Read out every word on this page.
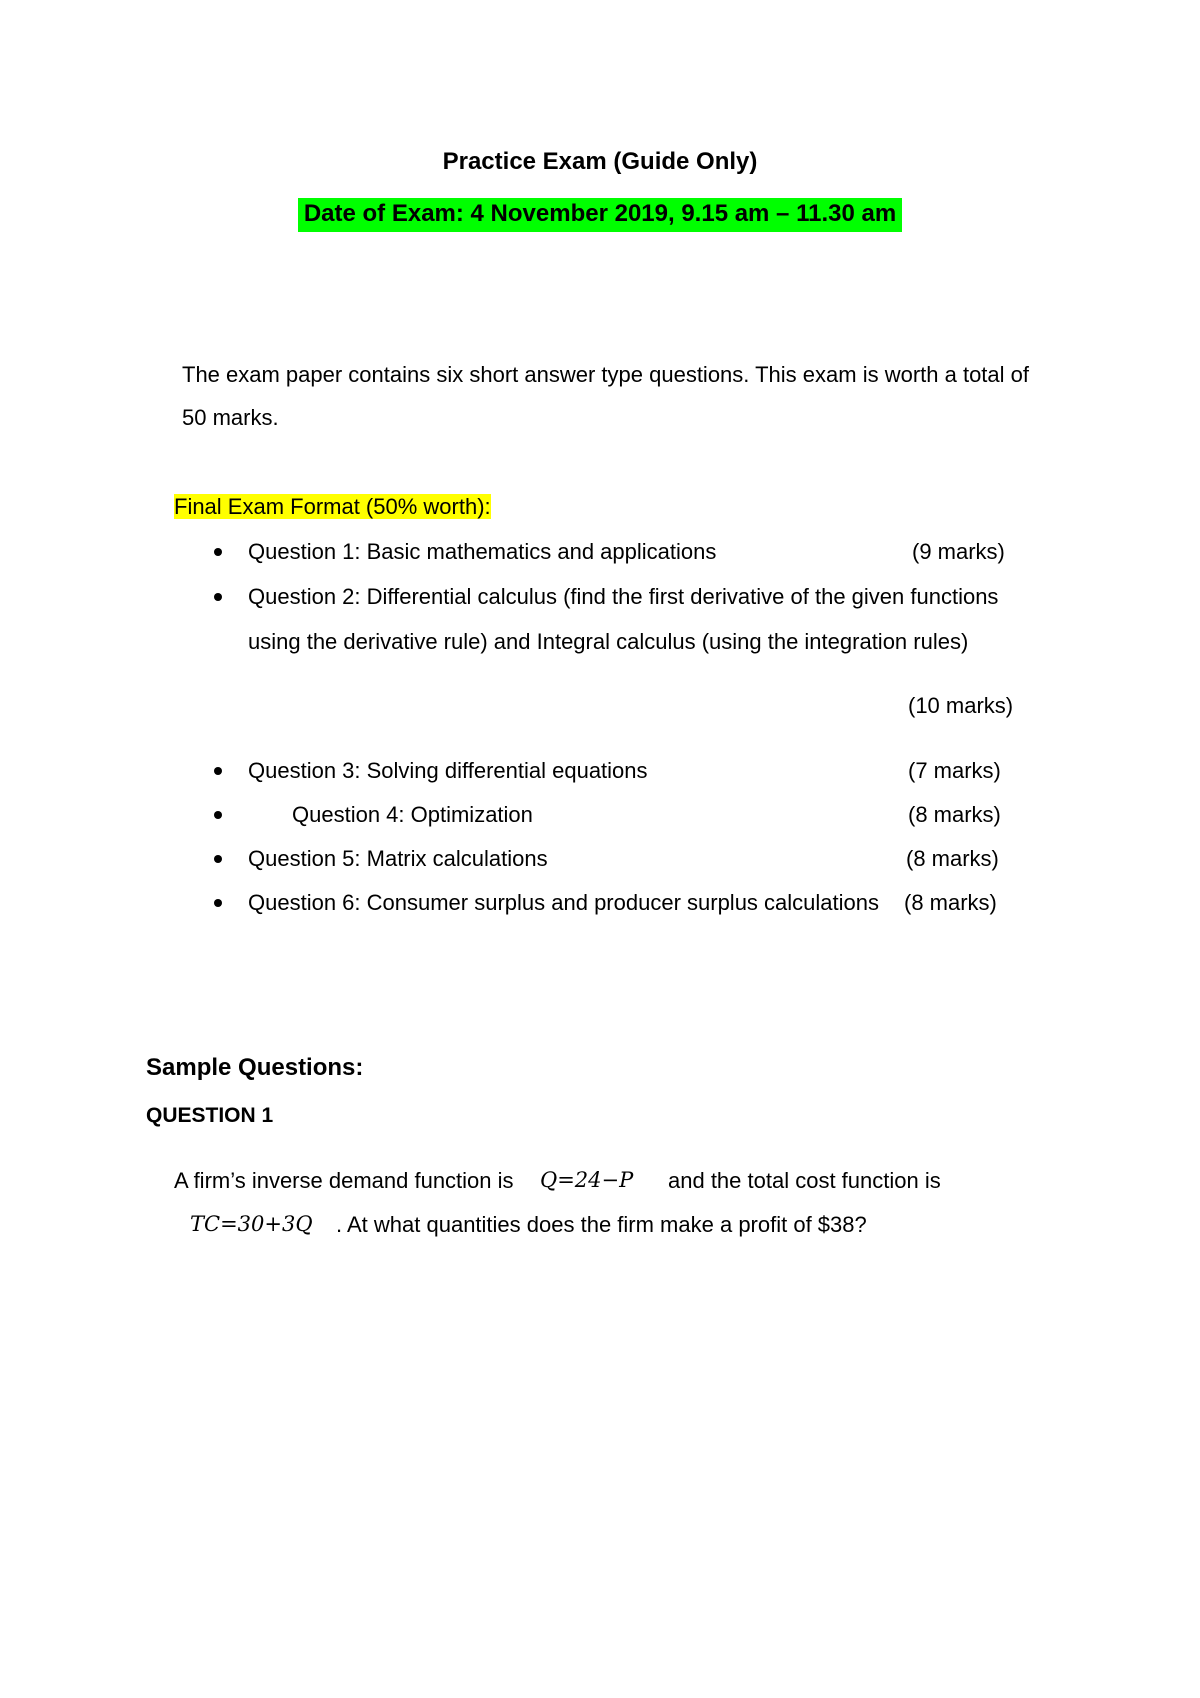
Practice Exam (Guide Only)
Date of Exam: 4 November 2019, 9.15 am – 11.30 am
The exam paper contains six short answer type questions. This exam is worth a total of
50 marks.
Final Exam Format (50% worth):
Question 1: Basic mathematics and applications	(9 marks)
Question 2: Differential calculus (find the first derivative of the given functions
using the derivative rule) and Integral calculus (using the integration rules)
(10 marks)
Question 3: Solving differential equations	(7 marks)
Question 4: Optimization	(8 marks)
Question 5: Matrix calculations	(8 marks)
Question 6: Consumer surplus and producer surplus calculations (8 marks)
Sample Questions:
QUESTION 1
A firm’s inverse demand function is Q=24−P and the total cost function is
TC=30+3Q . At what quantities does the firm make a profit of $38?
